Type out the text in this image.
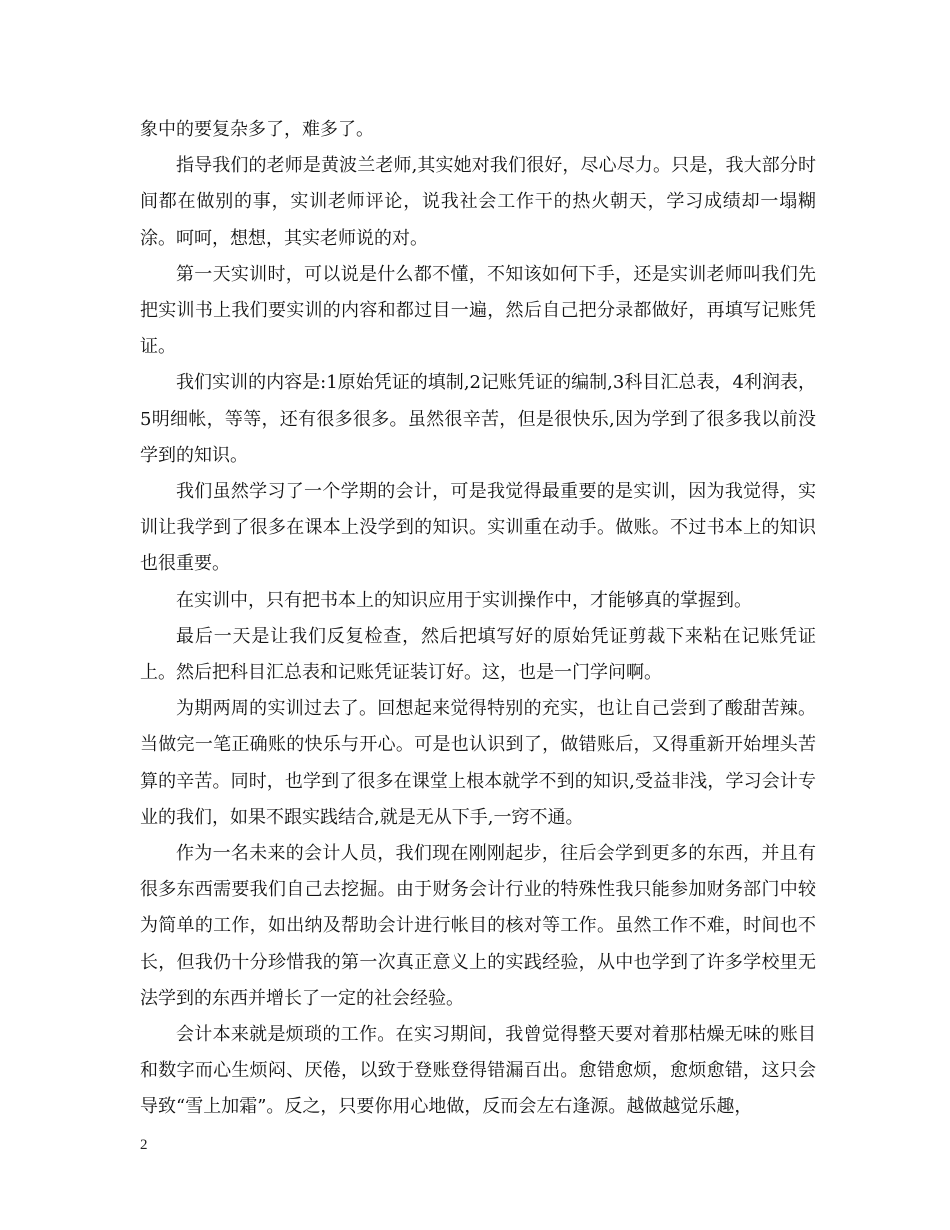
象中的要复杂多了，难多了。

指导我们的老师是黄波兰老师,其实她对我们很好，尽心尽力。只是，我大部分时间都在做别的事，实训老师评论，说我社会工作干的热火朝天，学习成绩却一塌糊涂。呵呵，想想，其实老师说的对。

第一天实训时，可以说是什么都不懂，不知该如何下手，还是实训老师叫我们先把实训书上我们要实训的内容和都过目一遍，然后自己把分录都做好，再填写记账凭证。

我们实训的内容是:1原始凭证的填制,2记账凭证的编制,3科目汇总表，4利润表，5明细帐，等等，还有很多很多。虽然很辛苦，但是很快乐,因为学到了很多我以前没学到的知识。

我们虽然学习了一个学期的会计，可是我觉得最重要的是实训，因为我觉得，实训让我学到了很多在课本上没学到的知识。实训重在动手。做账。不过书本上的知识也很重要。

在实训中，只有把书本上的知识应用于实训操作中，才能够真的掌握到。

最后一天是让我们反复检查，然后把填写好的原始凭证剪裁下来粘在记账凭证上。然后把科目汇总表和记账凭证装订好。这，也是一门学问啊。

为期两周的实训过去了。回想起来觉得特别的充实，也让自己尝到了酸甜苦辣。当做完一笔正确账的快乐与开心。可是也认识到了，做错账后，又得重新开始埋头苦算的辛苦。同时，也学到了很多在课堂上根本就学不到的知识,受益非浅，学习会计专业的我们，如果不跟实践结合,就是无从下手,一窍不通。

作为一名未来的会计人员，我们现在刚刚起步，往后会学到更多的东西，并且有很多东西需要我们自己去挖掘。由于财务会计行业的特殊性我只能参加财务部门中较为简单的工作，如出纳及帮助会计进行帐目的核对等工作。虽然工作不难，时间也不长，但我仍十分珍惜我的第一次真正意义上的实践经验，从中也学到了许多学校里无法学到的东西并增长了一定的社会经验。

会计本来就是烦琐的工作。在实习期间，我曾觉得整天要对着那枯燥无味的账目和数字而心生烦闷、厌倦，以致于登账登得错漏百出。愈错愈烦，愈烦愈错，这只会导致“雪上加霜”。反之，只要你用心地做，反而会左右逢源。越做越觉乐趣，

2
